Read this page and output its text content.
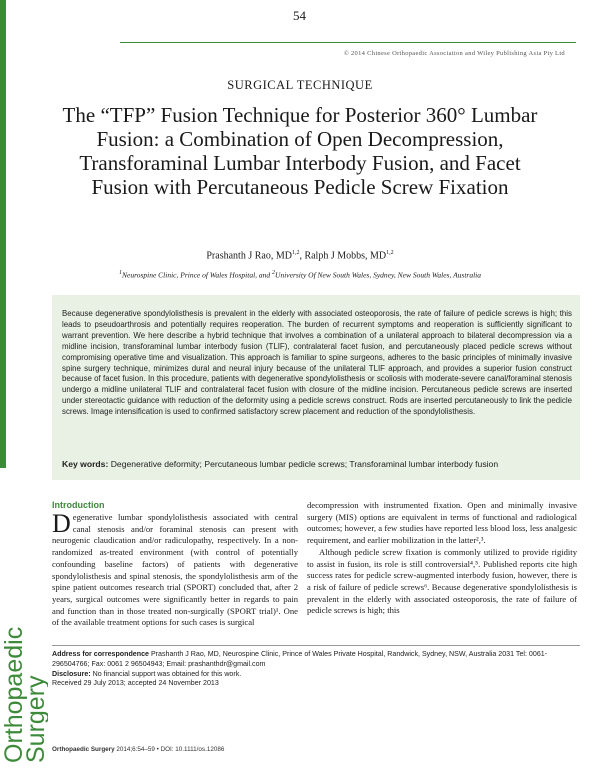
54
© 2014 Chinese Orthopaedic Association and Wiley Publishing Asia Pty Ltd
SURGICAL TECHNIQUE
The “TFP” Fusion Technique for Posterior 360° Lumbar Fusion: a Combination of Open Decompression, Transforaminal Lumbar Interbody Fusion, and Facet Fusion with Percutaneous Pedicle Screw Fixation
Prashanth J Rao, MD$^{1,2}$, Ralph J Mobbs, MD$^{1,2}$
$^1$Neurospine Clinic, Prince of Wales Hospital, and $^2$University Of New South Wales, Sydney, New South Wales, Australia
Because degenerative spondylolisthesis is prevalent in the elderly with associated osteoporosis, the rate of failure of pedicle screws is high; this leads to pseudoarthrosis and potentially requires reoperation. The burden of recurrent symptoms and reoperation is sufficiently significant to warrant prevention. We here describe a hybrid technique that involves a combination of a unilateral approach to bilateral decompression via a midline incision, transforaminal lumbar interbody fusion (TLIF), contralateral facet fusion, and percutaneously placed pedicle screws without compromising operative time and visualization. This approach is familiar to spine surgeons, adheres to the basic principles of minimally invasive spine surgery technique, minimizes dural and neural injury because of the unilateral TLIF approach, and provides a superior fusion construct because of facet fusion. In this procedure, patients with degenerative spondylolisthesis or scoliosis with moderate-severe canal/foraminal stenosis undergo a midline unilateral TLIF and contralateral facet fusion with closure of the midline incision. Percutaneous pedicle screws are inserted under stereotactic guidance with reduction of the deformity using a pedicle screws construct. Rods are inserted percutaneously to link the pedicle screws. Image intensification is used to confirmed satisfactory screw placement and reduction of the spondylolisthesis.
Key words: Degenerative deformity; Percutaneous lumbar pedicle screws; Transforaminal lumbar interbody fusion
Introduction

Degenerative lumbar spondylolisthesis associated with central canal stenosis and/or foraminal stenosis can present with neurogenic claudication and/or radiculopathy, respectively. In a non-randomized as-treated environment (with control of potentially confounding baseline factors) of patients with degenerative spondylolisthesis and spinal stenosis, the spondylolisthesis arm of the spine patient outcomes research trial (SPORT) concluded that, after 2 years, surgical outcomes were significantly better in regards to pain and function than in those treated non-surgically (SPORT trial)¹. One of the available treatment options for such cases is surgical

decompression with instrumented fixation. Open and minimally invasive surgery (MIS) options are equivalent in terms of functional and radiological outcomes; however, a few studies have reported less blood loss, less analgesic requirement, and earlier mobilization in the latter²,³.

Although pedicle screw fixation is commonly utilized to provide rigidity to assist in fusion, its role is still controversial⁴,⁵. Published reports cite high success rates for pedicle screw-augmented interbody fusion, however, there is a risk of failure of pedicle screws⁶. Because degenerative spondylolisthesis is prevalent in the elderly with associated osteoporosis, the rate of failure of pedicle screws is high; this

Address for correspondence Prashanth J Rao, MD, Neurospine Clinic, Prince of Wales Private Hospital, Randwick, Sydney, NSW, Australia 2031 Tel: 0061-296504766; Fax: 0061 2 96504943; Email: prashanthdr@gmail.com
Disclosure: No financial support was obtained for this work.
Received 29 July 2013; accepted 24 November 2013
Orthopaedic Surgery 2014;6:54–59 • DOI: 10.1111/os.12086
Orthopaedic
Surgery
